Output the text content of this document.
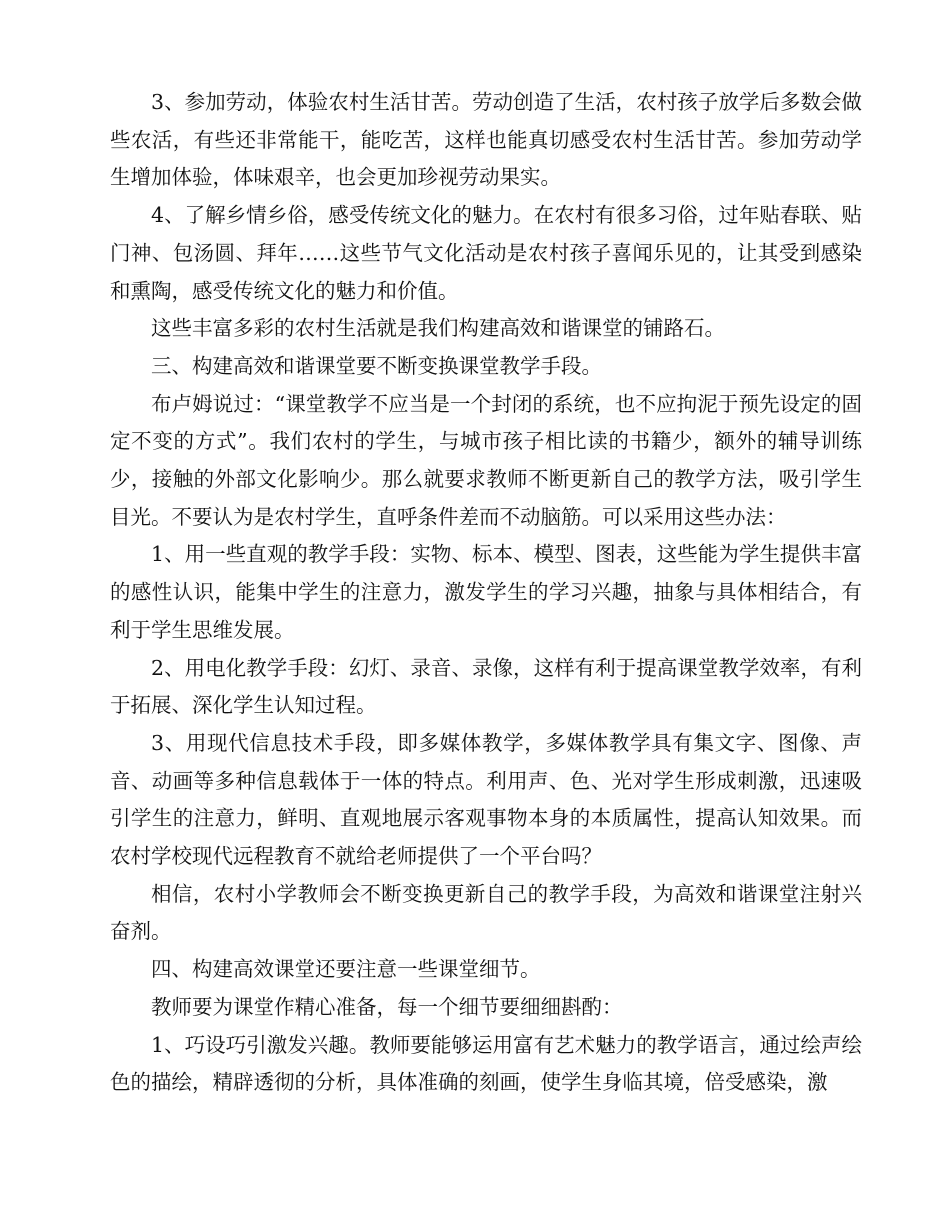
3、参加劳动，体验农村生活甘苦。劳动创造了生活，农村孩子放学后多数会做些农活，有些还非常能干，能吃苦，这样也能真切感受农村生活甘苦。参加劳动学生增加体验，体味艰辛，也会更加珍视劳动果实。

4、了解乡情乡俗，感受传统文化的魅力。在农村有很多习俗，过年贴春联、贴门神、包汤圆、拜年……这些节气文化活动是农村孩子喜闻乐见的，让其受到感染和熏陶，感受传统文化的魅力和价值。

这些丰富多彩的农村生活就是我们构建高效和谐课堂的铺路石。

三、构建高效和谐课堂要不断变换课堂教学手段。

布卢姆说过：“课堂教学不应当是一个封闭的系统，也不应拘泥于预先设定的固定不变的方式”。我们农村的学生，与城市孩子相比读的书籍少，额外的辅导训练少，接触的外部文化影响少。那么就要求教师不断更新自己的教学方法，吸引学生目光。不要认为是农村学生，直呼条件差而不动脑筋。可以采用这些办法：

1、用一些直观的教学手段：实物、标本、模型、图表，这些能为学生提供丰富的感性认识，能集中学生的注意力，激发学生的学习兴趣，抽象与具体相结合，有利于学生思维发展。

2、用电化教学手段：幻灯、录音、录像，这样有利于提高课堂教学效率，有利于拓展、深化学生认知过程。

3、用现代信息技术手段，即多媒体教学，多媒体教学具有集文字、图像、声音、动画等多种信息载体于一体的特点。利用声、色、光对学生形成刺激，迅速吸引学生的注意力，鲜明、直观地展示客观事物本身的本质属性，提高认知效果。而农村学校现代远程教育不就给老师提供了一个平台吗？

相信，农村小学教师会不断变换更新自己的教学手段，为高效和谐课堂注射兴奋剂。

四、构建高效课堂还要注意一些课堂细节。

教师要为课堂作精心准备，每一个细节要细细斟酌：

1、巧设巧引激发兴趣。教师要能够运用富有艺术魅力的教学语言，通过绘声绘色的描绘，精辟透彻的分析，具体准确的刻画，使学生身临其境，倍受感染，激
